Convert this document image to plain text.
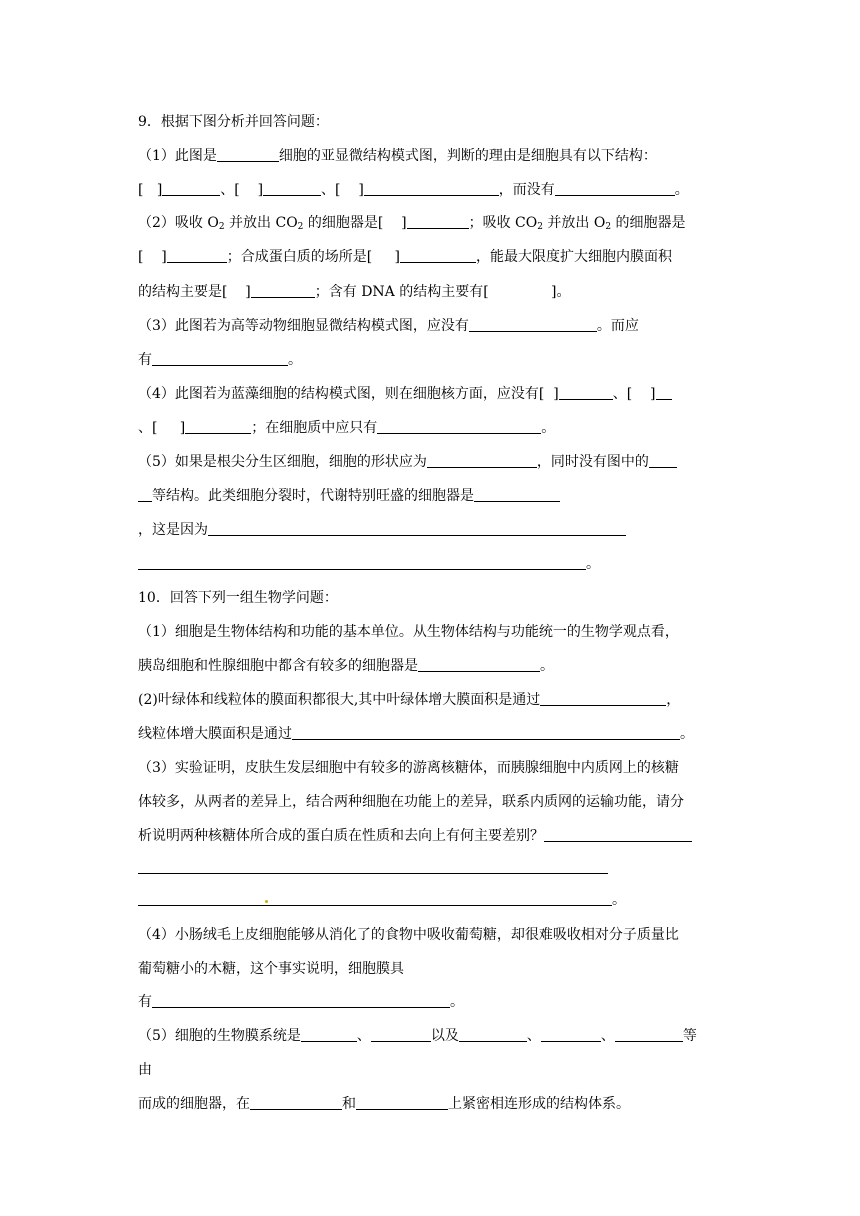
9．根据下图分析并回答问题：
（1）此图是	细胞的亚显微结构模式图，判断的理由是细胞具有以下结构：
[ ]	、[ ]	、[ ]	，而没有	。
（2）吸收 $O_2$ 并放出 $CO_2$ 的细胞器是[ ]	；吸收 $CO_2$ 并放出 $O_2$ 的细胞器是
[ ]	；合成蛋白质的场所是[ ]	，能最大限度扩大细胞内膜面积
的结构主要是[ ]	；含有 DNA 的结构主要有[	]。
（3）此图若为高等动物细胞显微结构模式图，应没有	。而应
有	。
（4）此图若为蓝藻细胞的结构模式图，则在细胞核方面，应没有[ ]	、[ ]
、[ ]	；在细胞质中应只有	。
（5）如果是根尖分生区细胞，细胞的形状应为	，同时没有图中的
等结构。此类细胞分裂时，代谢特别旺盛的细胞器是
，这是因为
。
10．回答下列一组生物学问题：
（1）细胞是生物体结构和功能的基本单位。从生物体结构与功能统一的生物学观点看，
胰岛细胞和性腺细胞中都含有较多的细胞器是	。
(2)叶绿体和线粒体的膜面积都很大,其中叶绿体增大膜面积是通过	，
线粒体增大膜面积是通过	。
（3）实验证明，皮肤生发层细胞中有较多的游离核糖体，而胰腺细胞中内质网上的核糖
体较多，从两者的差异上，结合两种细胞在功能上的差异，联系内质网的运输功能，请分
析说明两种核糖体所合成的蛋白质在性质和去向上有何主要差别？
。
（4）小肠绒毛上皮细胞能够从消化了的食物中吸收葡萄糖，却很难吸收相对分子质量比
葡萄糖小的木糖，这个事实说明，细胞膜具
有	。
（5）细胞的生物膜系统是	、	以及	、	、	等
由
而成的细胞器，在	和	上紧密相连形成的结构体系。
